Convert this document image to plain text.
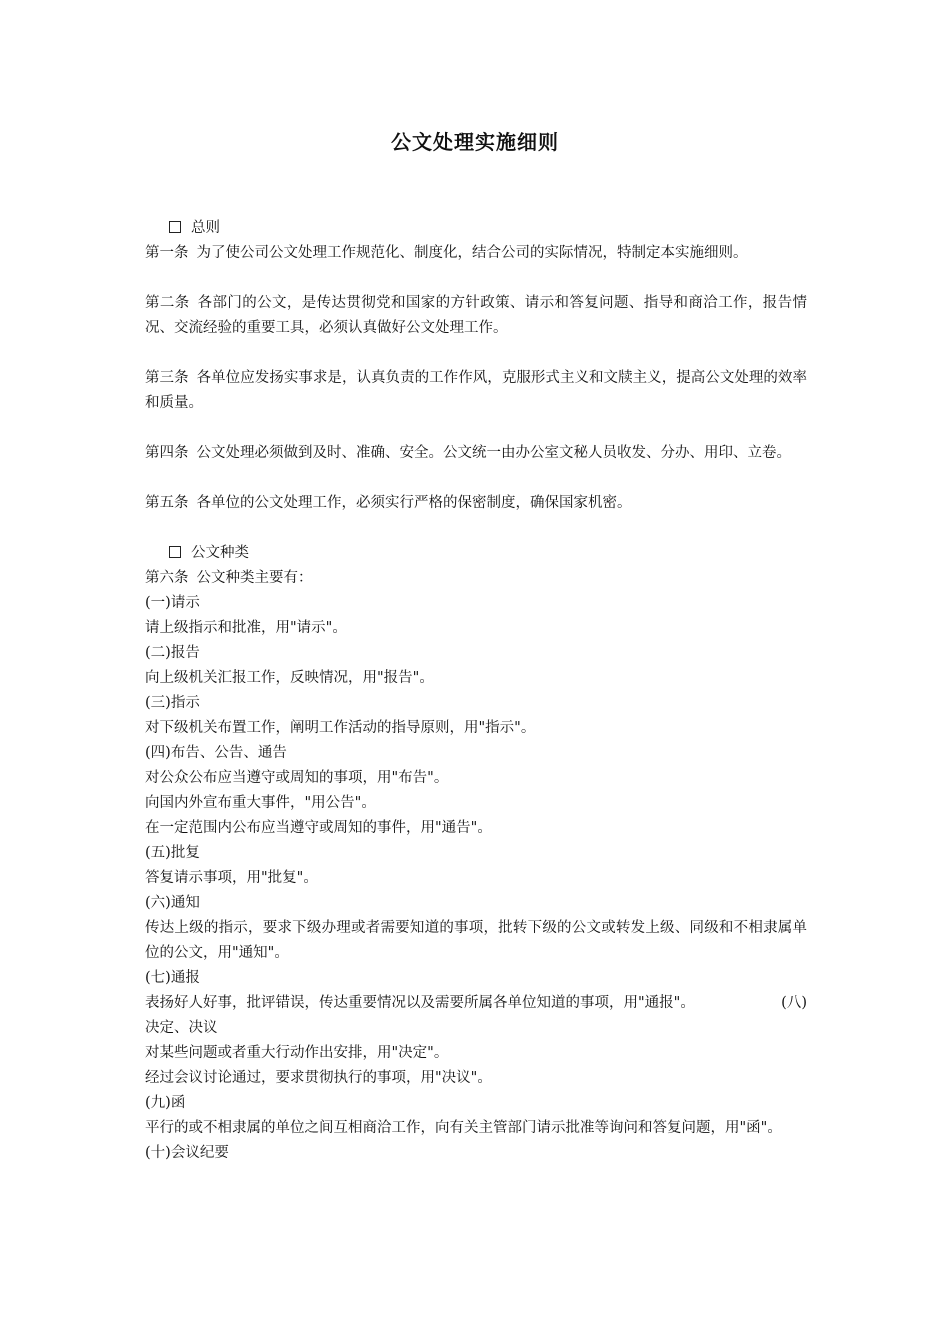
公文处理实施细则
总则
第一条 为了使公司公文处理工作规范化、制度化，结合公司的实际情况，特制定本实施细则。
第二条 各部门的公文，是传达贯彻党和国家的方针政策、请示和答复问题、指导和商洽工作，报告情况、交流经验的重要工具，必须认真做好公文处理工作。
第三条 各单位应发扬实事求是，认真负责的工作作风，克服形式主义和文牍主义，提高公文处理的效率和质量。
第四条 公文处理必须做到及时、准确、安全。公文统一由办公室文秘人员收发、分办、用印、立卷。
第五条 各单位的公文处理工作，必须实行严格的保密制度，确保国家机密。
公文种类
第六条 公文种类主要有：
(一)请示
请上级指示和批准，用"请示"。
(二)报告
向上级机关汇报工作，反映情况，用"报告"。
(三)指示
对下级机关布置工作，阐明工作活动的指导原则，用"指示"。
(四)布告、公告、通告
对公众公布应当遵守或周知的事项，用"布告"。
向国内外宣布重大事件，"用公告"。
在一定范围内公布应当遵守或周知的事件，用"通告"。
(五)批复
答复请示事项，用"批复"。
(六)通知
传达上级的指示，要求下级办理或者需要知道的事项，批转下级的公文或转发上级、同级和不相隶属单位的公文，用"通知"。
(七)通报
表扬好人好事，批评错误，传达重要情况以及需要所属各单位知道的事项，用"通报"。	(八)
决定、决议
对某些问题或者重大行动作出安排，用"决定"。
经过会议讨论通过，要求贯彻执行的事项，用"决议"。
(九)函
平行的或不相隶属的单位之间互相商洽工作，向有关主管部门请示批准等询问和答复问题，用"函"。
(十)会议纪要
